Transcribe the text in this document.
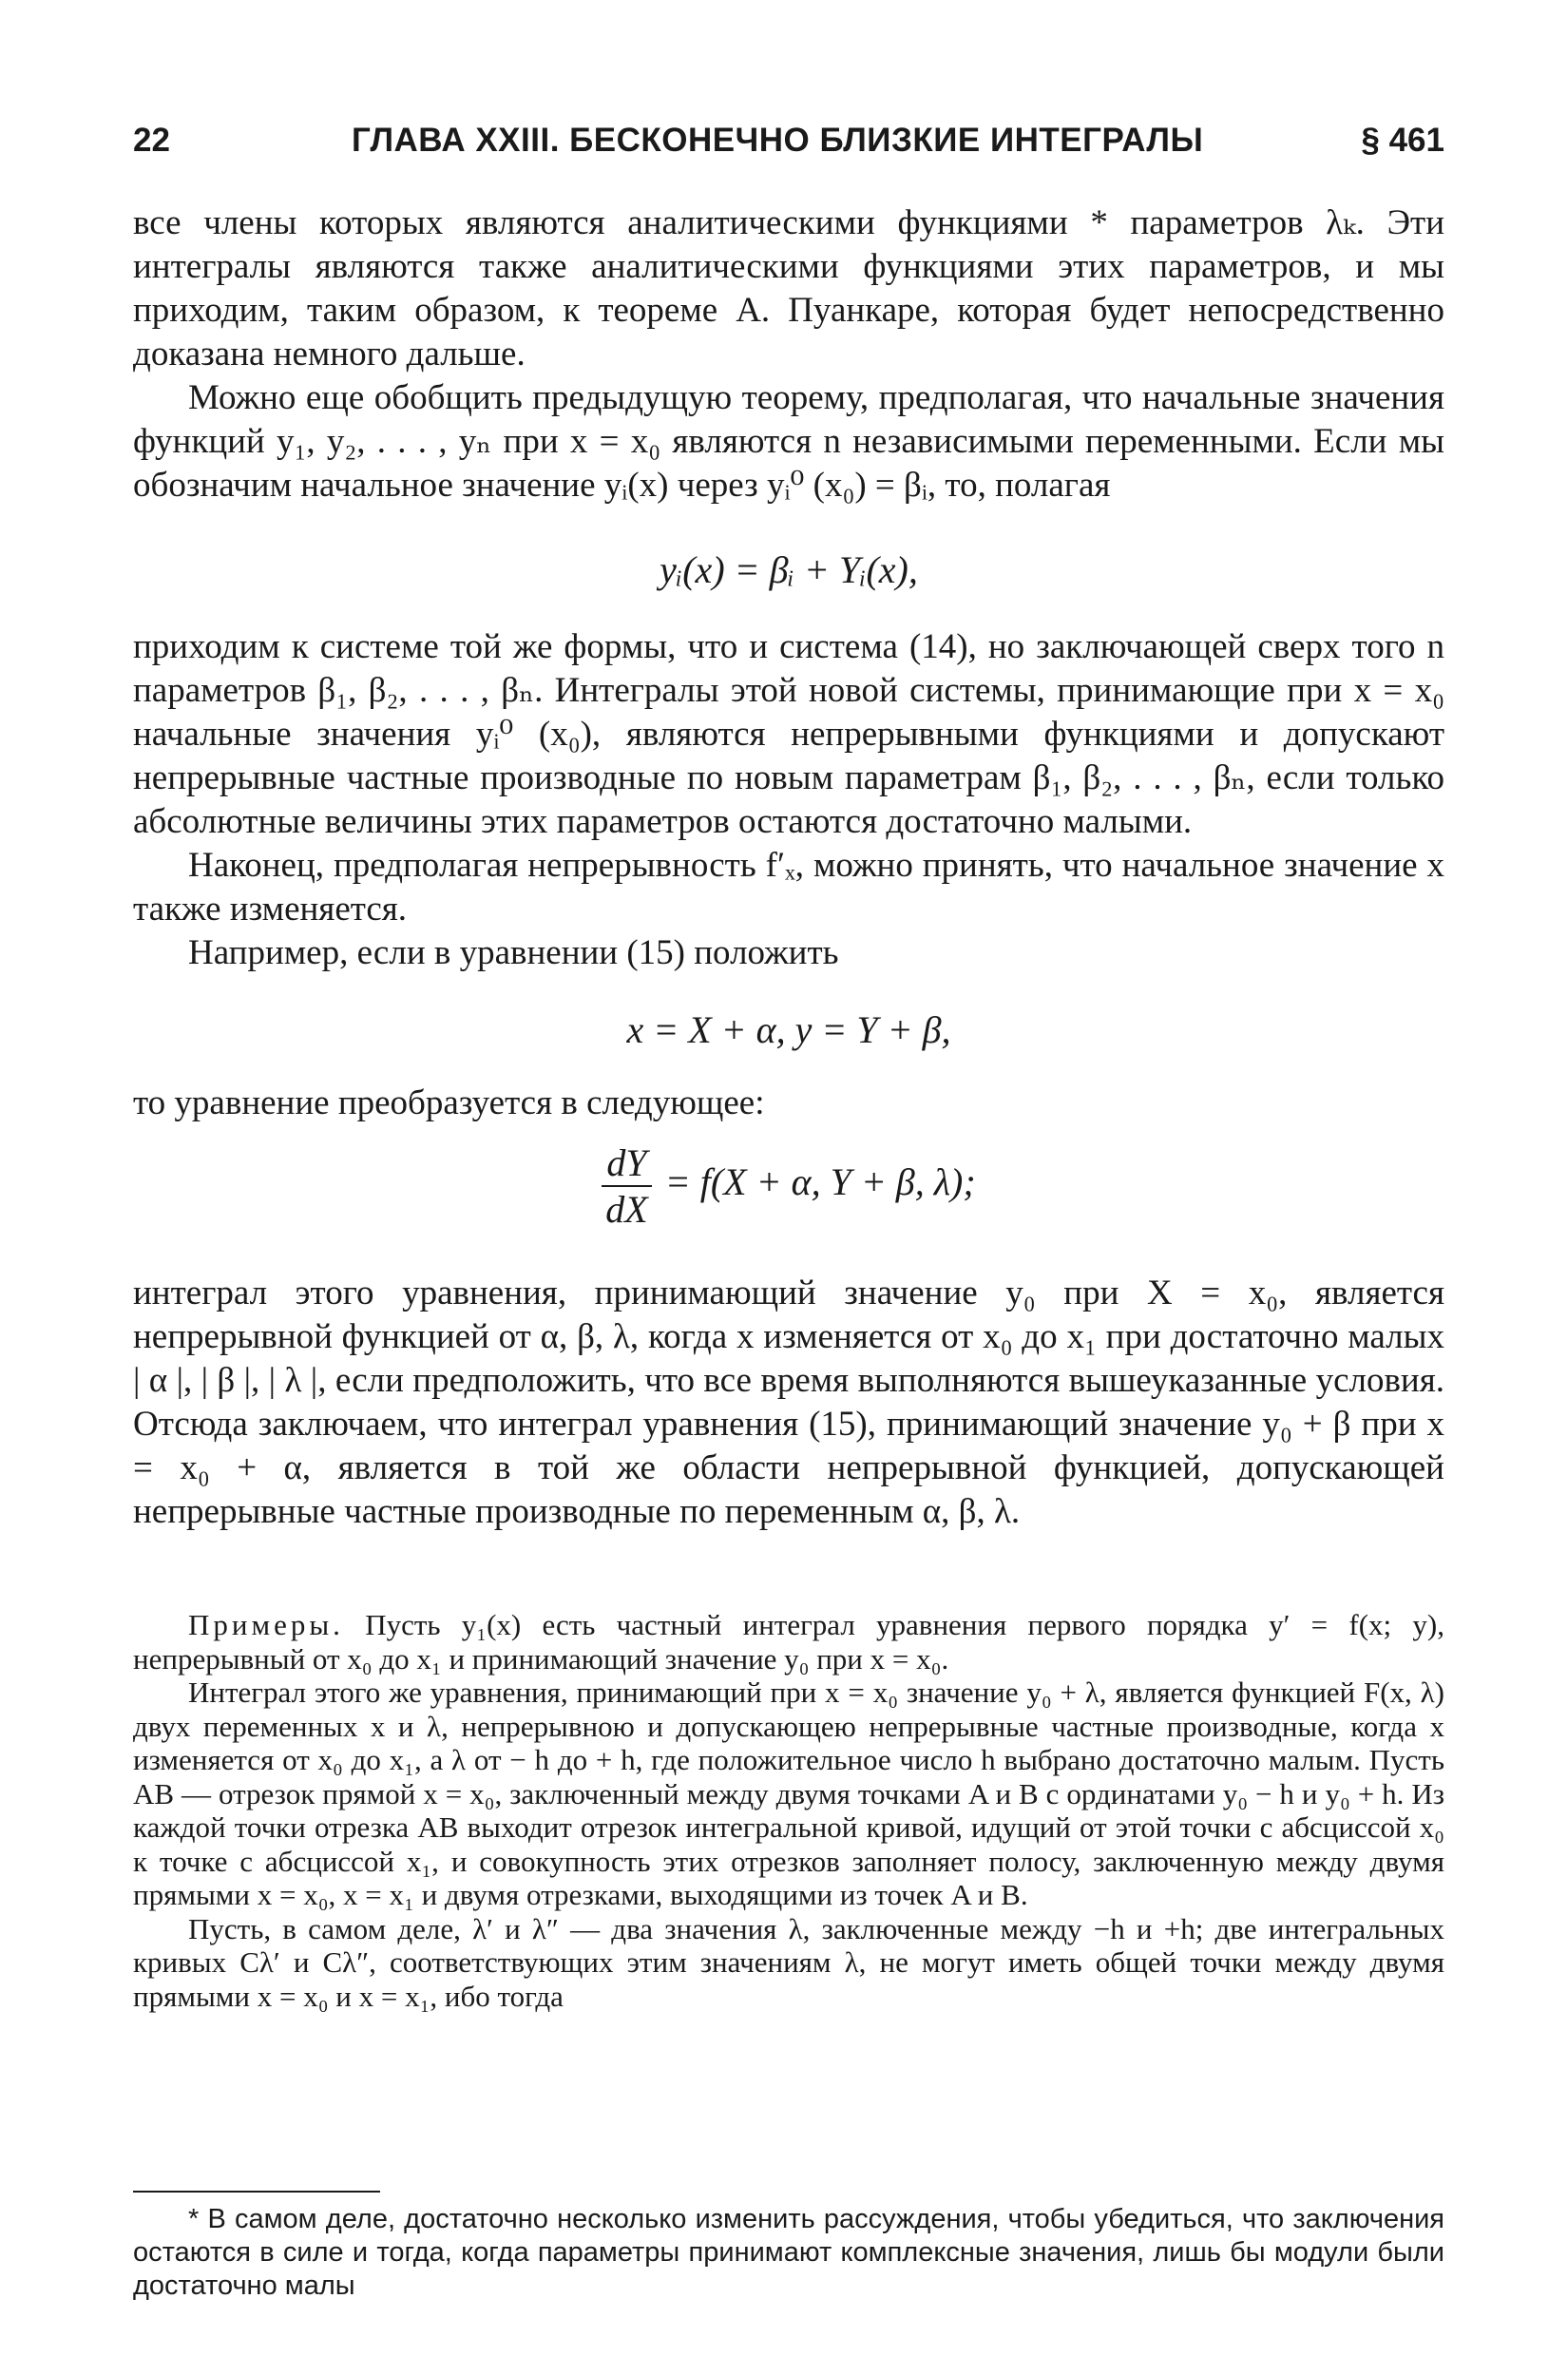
22	ГЛАВА XXIII. БЕСКОНЕЧНО БЛИЗКИЕ ИНТЕГРАЛЫ	§ 461

все члены которых являются аналитическими функциями * параметров λₖ. Эти интегралы являются также аналитическими функциями этих параметров, и мы приходим, таким образом, к теореме А. Пуанкаре, которая будет непосредственно доказана немного дальше.

Можно еще обобщить предыдущую теорему, предполагая, что начальные значения функций y₁, y₂, . . . , yₙ при x = x₀ являются n независимыми переменными. Если мы обозначим начальное значение yᵢ(x) через yᵢ⁰ (x₀) = βᵢ, то, полагая

yᵢ(x) = βᵢ + Yᵢ(x),

приходим к системе той же формы, что и система (14), но заключающей сверх того n параметров β₁, β₂, . . . , βₙ. Интегралы этой новой системы, принимающие при x = x₀ начальные значения yᵢ⁰ (x₀), являются непрерывными функциями и допускают непрерывные частные производные по новым параметрам β₁, β₂, . . . , βₙ, если только абсолютные величины этих параметров остаются достаточно малыми.

Наконец, предполагая непрерывность f′ₓ, можно принять, что начальное значение x также изменяется.

Например, если в уравнении (15) положить

x = X + α, y = Y + β,

то уравнение преобразуется в следующее:

$\frac{dY}{dX} = f(X + \alpha$, Y + β, λ);

интеграл этого уравнения, принимающий значение y₀ при X = x₀, является непрерывной функцией от α, β, λ, когда x изменяется от x₀ до x₁ при достаточно малых | α |, | β |, | λ |, если предположить, что все время выполняются вышеуказанные условия. Отсюда заключаем, что интеграл уравнения (15), принимающий значение y₀ + β при x = x₀ + α, является в той же области непрерывной функцией, допускающей непрерывные частные производные по переменным α, β, λ.

Примеры. Пусть y₁(x) есть частный интеграл уравнения первого порядка y′ = f(x; y), непрерывный от x₀ до x₁ и принимающий значение y₀ при x = x₀.

Интеграл этого же уравнения, принимающий при x = x₀ значение y₀ + λ, является функцией F(x, λ) двух переменных x и λ, непрерывною и допускающею непрерывные частные производные, когда x изменяется от x₀ до x₁, а λ от − h до + h, где положительное число h выбрано достаточно малым. Пусть AB — отрезок прямой x = x₀, заключенный между двумя точками A и B с ординатами y₀ − h и y₀ + h. Из каждой точки отрезка AB выходит отрезок интегральной кривой, идущий от этой точки с абсциссой x₀ к точке с абсциссой x₁, и совокупность этих отрезков заполняет полосу, заключенную между двумя прямыми x = x₀, x = x₁ и двумя отрезками, выходящими из точек A и B.

Пусть, в самом деле, λ′ и λ″ — два значения λ, заключенные между −h и +h; две интегральных кривых Cλ′ и Cλ″, соответствующих этим значениям λ, не могут иметь общей точки между двумя прямыми x = x₀ и x = x₁, ибо тогда

* В самом деле, достаточно несколько изменить рассуждения, чтобы убедиться, что заключения остаются в силе и тогда, когда параметры принимают комплексные значения, лишь бы модули были достаточно малы
